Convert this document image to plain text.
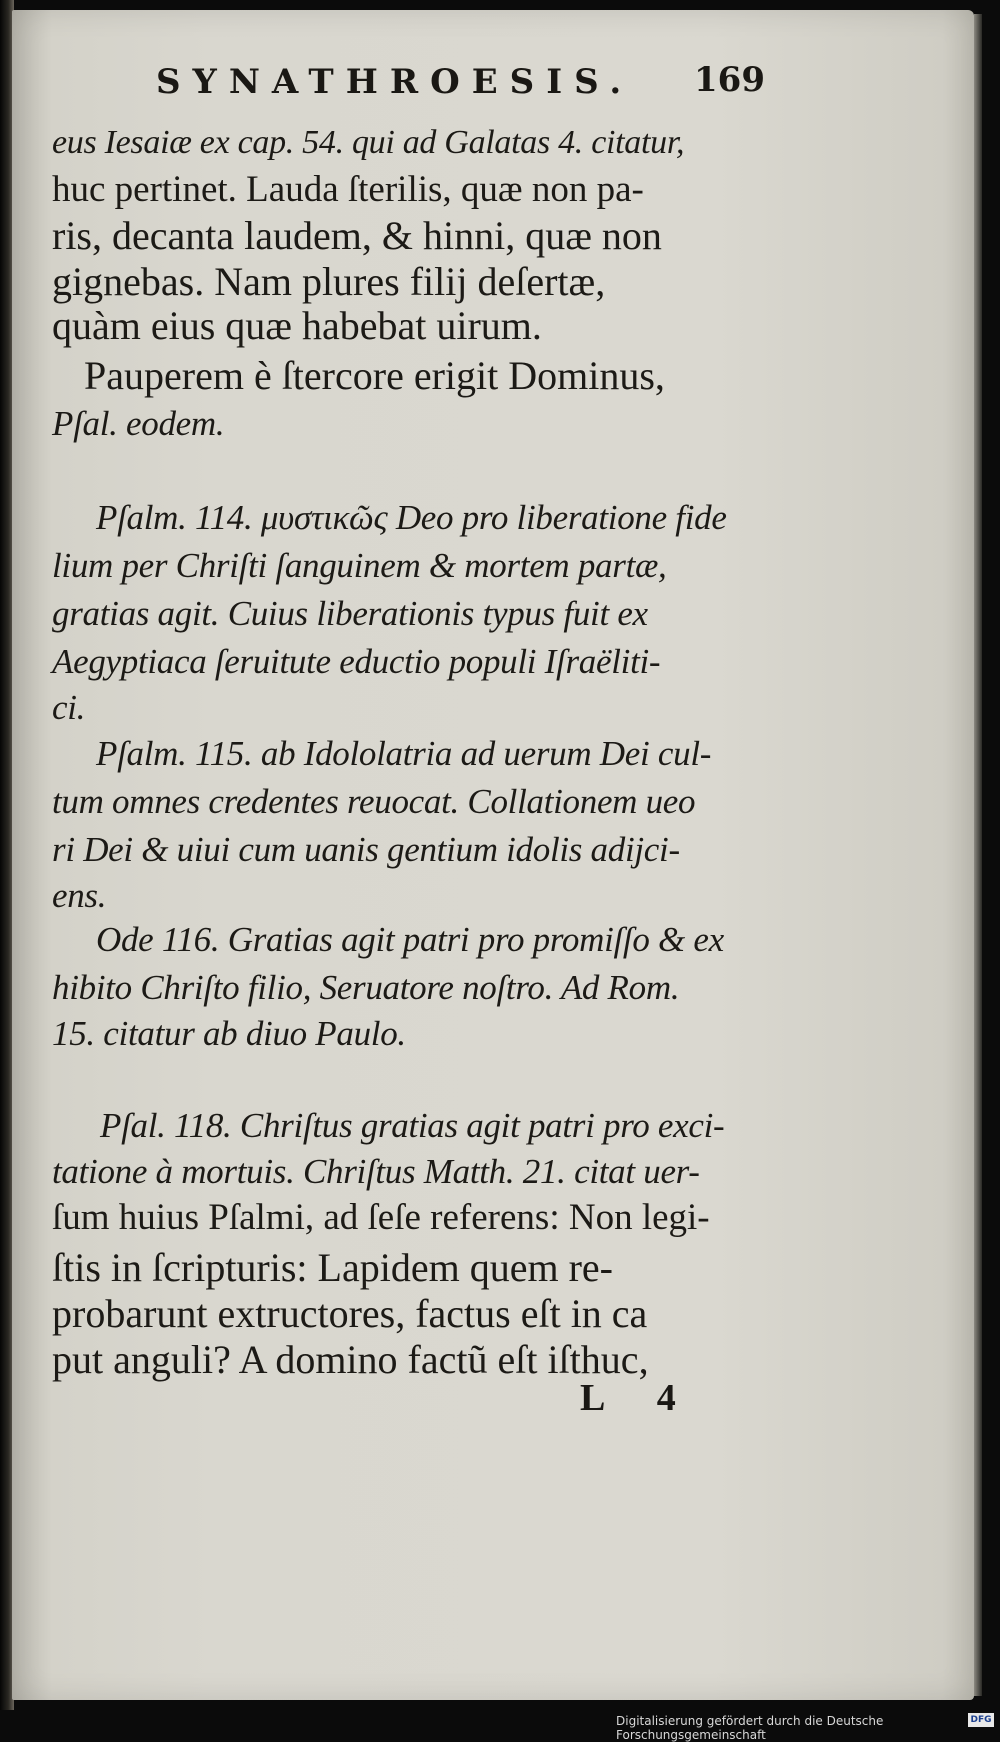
SYNATHROESIS. 169
eus Iesaiæ ex cap. 54. qui ad Galatas 4. citatur,
huc pertinet. Lauda ſterilis, quæ non pa-
ris, decanta laudem, & hinni, quæ non
gignebas. Nam plures filij deſertæ,
quàm eius quæ habebat uirum.
Pauperem è ſtercore erigit Dominus,
Pſal. eodem.
Pſalm. 114. μυστικῶς Deo pro liberatione fide
lium per Chriſti ſanguinem & mortem partæ,
gratias agit. Cuius liberationis typus fuit ex
Aegyptiaca ſeruitute eductio populi Iſraëliti-
ci.
Pſalm. 115. ab Idololatria ad uerum Dei cul-
tum omnes credentes reuocat. Collationem ueo
ri Dei & uiui cum uanis gentium idolis adijci-
ens.
Ode 116. Gratias agit patri pro promiſſo & ex
hibito Chriſto filio, Seruatore noſtro. Ad Rom.
15. citatur ab diuo Paulo.
Pſal. 118. Chriſtus gratias agit patri pro exci-
tatione à mortuis. Chriſtus Matth. 21. citat uer-
ſum huius Pſalmi, ad ſeſe referens: Non legi-
ſtis in ſcripturis: Lapidem quem re-
probarunt extructores, factus eſt in ca
put anguli? A domino factũ eſt iſthuc,
L 4
Digitalisierung gefördert durch die Deutsche Forschungsgemeinschaft
DFG
